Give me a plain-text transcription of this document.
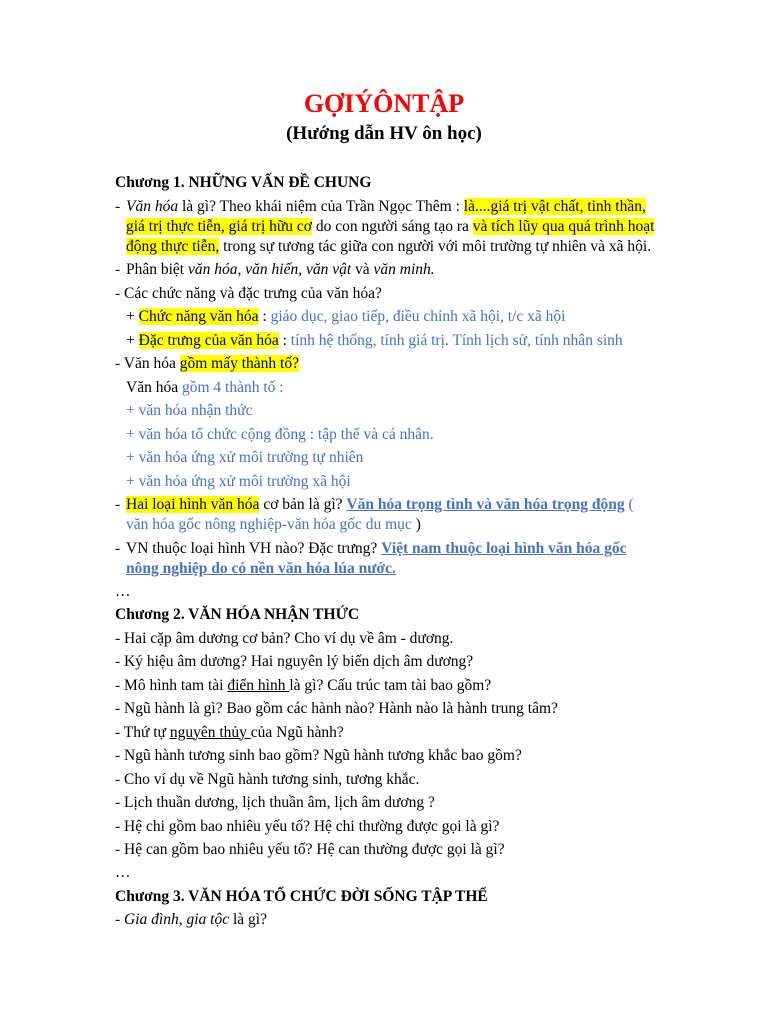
GỢIÝÔNTẬP
(Hướng dẫn HV ôn học)
Chương 1. NHỮNG VẤN ĐỀ CHUNG
- Văn hóa là gì? Theo khái niệm của Trần Ngọc Thêm : là....giá trị vật chất, tinh thần, giá trị thực tiễn, giá trị hữu cơ do con người sáng tạo ra và tích lũy qua quá trình hoạt động thực tiễn, trong sự tương tác giữa con người với môi trường tự nhiên và xã hội.
- Phân biệt văn hóa, văn hiến, văn vật và văn minh.
- Các chức năng và đặc trưng của văn hóa?
+ Chức năng văn hóa : giáo dục, giao tiếp, điều chỉnh xã hội, t/c xã hội
+ Đặc trưng của văn hóa : tính hệ thống, tính giá trị. Tính lịch sử, tính nhân sinh
- Văn hóa gồm mấy thành tố?
Văn hóa gồm 4 thành tố :
+ văn hóa nhận thức
+ văn hóa tổ chức cộng đồng : tập thể và cá nhân.
+ văn hóa ứng xử môi trường tự nhiên
+ văn hóa ứng xử môi trường xã hội
- Hai loại hình văn hóa cơ bản là gì? Văn hóa trọng tình và văn hóa trọng động ( văn hóa gốc nông nghiệp-văn hóa gốc du mục )
- VN thuộc loại hình VH nào? Đặc trưng? Việt nam thuộc loại hình văn hóa gốc nông nghiệp do có nền văn hóa lúa nước.
…
Chương 2. VĂN HÓA NHẬN THỨC
- Hai cặp âm dương cơ bản? Cho ví dụ về âm - dương.
- Ký hiệu âm dương? Hai nguyên lý biến dịch âm dương?
- Mô hình tam tài điển hình là gì? Cấu trúc tam tài bao gồm?
- Ngũ hành là gì? Bao gồm các hành nào? Hành nào là hành trung tâm?
- Thứ tự nguyên thủy của Ngũ hành?
- Ngũ hành tương sinh bao gồm? Ngũ hành tương khắc bao gồm?
- Cho ví dụ về Ngũ hành tương sinh, tương khắc.
- Lịch thuần dương, lịch thuần âm, lịch âm dương ?
- Hệ chi gồm bao nhiêu yếu tố? Hệ chi thường được gọi là gì?
- Hệ can gồm bao nhiêu yếu tố? Hệ can thường được gọi là gì?
…
Chương 3. VĂN HÓA TỔ CHỨC ĐỜI SỐNG TẬP THỂ
- Gia đình, gia tộc là gì?
